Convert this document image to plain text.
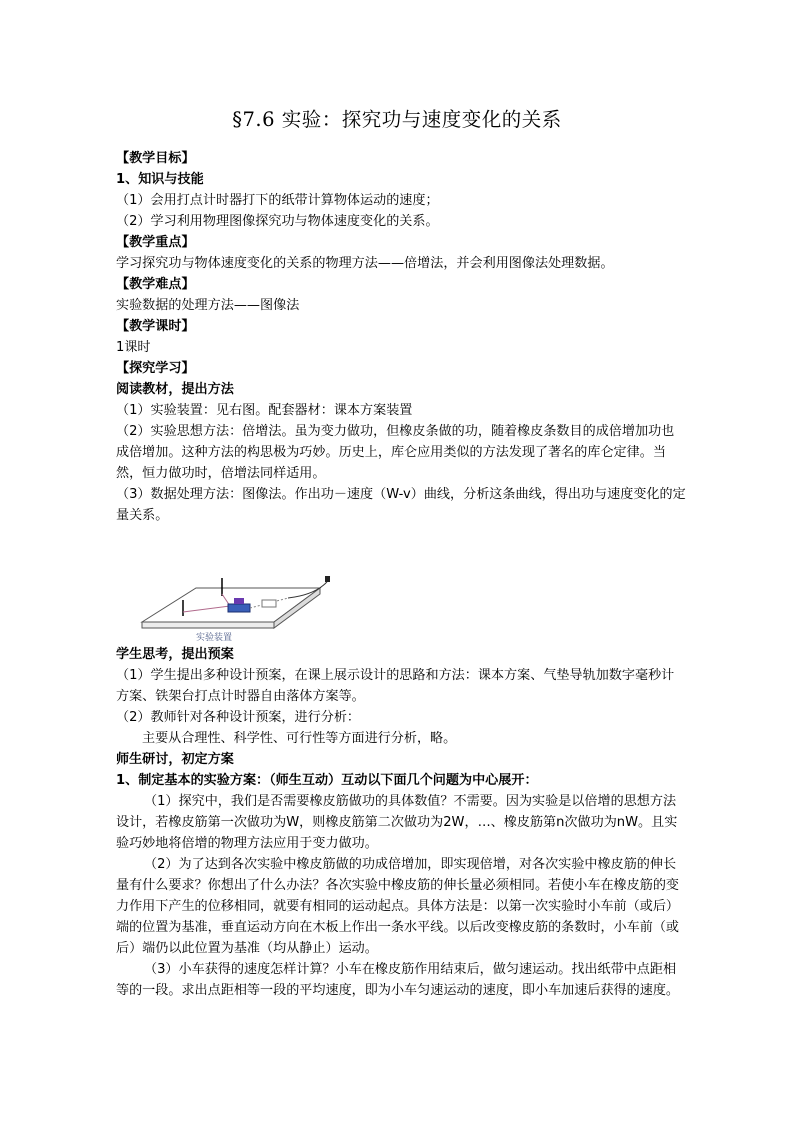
§7.6 实验：探究功与速度变化的关系

【教学目标】

1、知识与技能

（1）会用打点计时器打下的纸带计算物体运动的速度；

（2）学习利用物理图像探究功与物体速度变化的关系。

【教学重点】

学习探究功与物体速度变化的关系的物理方法——倍增法，并会利用图像法处理数据。

【教学难点】

实验数据的处理方法——图像法

【教学课时】

1课时

【探究学习】

阅读教材，提出方法

（1）实验装置：见右图。配套器材：课本方案装置

（2）实验思想方法：倍增法。虽为变力做功，但橡皮条做的功，随着橡皮条数目的成倍增加功也成倍增加。这种方法的构思极为巧妙。历史上，库仑应用类似的方法发现了著名的库仑定律。当然，恒力做功时，倍增法同样适用。

（3）数据处理方法：图像法。作出功－速度（W-v）曲线，分析这条曲线，得出功与速度变化的定量关系。

实验装置

学生思考，提出预案

（1）学生提出多种设计预案，在课上展示设计的思路和方法：课本方案、气垫导轨加数字毫秒计方案、铁架台打点计时器自由落体方案等。

（2）教师针对各种设计预案，进行分析：

主要从合理性、科学性、可行性等方面进行分析，略。

师生研讨，初定方案

1、制定基本的实验方案：（师生互动）互动以下面几个问题为中心展开：

（1）探究中，我们是否需要橡皮筋做功的具体数值？不需要。因为实验是以倍增的思想方法设计，若橡皮筋第一次做功为W，则橡皮筋第二次做功为2W，…、橡皮筋第n次做功为nW。且实验巧妙地将倍增的物理方法应用于变力做功。

（2）为了达到各次实验中橡皮筋做的功成倍增加，即实现倍增，对各次实验中橡皮筋的伸长量有什么要求？你想出了什么办法？各次实验中橡皮筋的伸长量必须相同。若使小车在橡皮筋的变力作用下产生的位移相同，就要有相同的运动起点。具体方法是：以第一次实验时小车前（或后）端的位置为基准，垂直运动方向在木板上作出一条水平线。以后改变橡皮筋的条数时，小车前（或后）端仍以此位置为基准（均从静止）运动。

（3）小车获得的速度怎样计算？小车在橡皮筋作用结束后，做匀速运动。找出纸带中点距相等的一段。求出点距相等一段的平均速度，即为小车匀速运动的速度，即小车加速后获得的速度。
